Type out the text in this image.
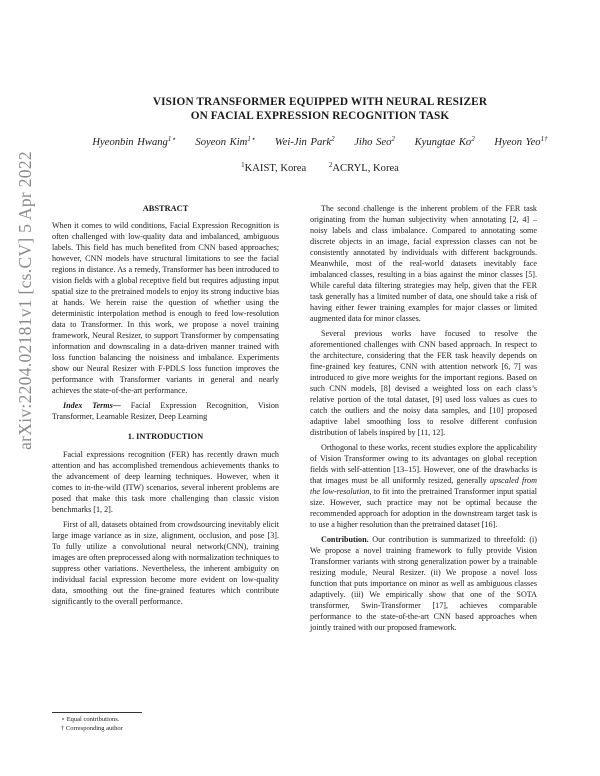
arXiv:2204.02181v1 [cs.CV] 5 Apr 2022
VISION TRANSFORMER EQUIPPED WITH NEURAL RESIZER
ON FACIAL EXPRESSION RECOGNITION TASK
Hyeonbin Hwang$^{1⋆}$ Soyeon Kim$^{1⋆}$ Wei-Jin Park$^2$ Jiho Seo$^2$ Kyungtae Ko$^2$ Hyeon Yeo$^{1\dagger}$
$^1$KAIST, Korea	$^2$ACRYL, Korea
ABSTRACT

When it comes to wild conditions, Facial Expression Recognition is often challenged with low-quality data and imbalanced, ambiguous labels. This field has much benefited from CNN based approaches; however, CNN models have structural limitations to see the facial regions in distance. As a remedy, Transformer has been introduced to vision fields with a global receptive field but requires adjusting input spatial size to the pretrained models to enjoy its strong inductive bias at hands. We herein raise the question of whether using the deterministic interpolation method is enough to feed low-resolution data to Transformer. In this work, we propose a novel training framework, Neural Resizer, to support Transformer by compensating information and downscaling in a data-driven manner trained with loss function balancing the noisiness and imbalance. Experiments show our Neural Resizer with F-PDLS loss function improves the performance with Transformer variants in general and nearly achieves the state-of-the-art performance.

Index Terms— Facial Expression Recognition, Vision Transformer, Learnable Resizer, Deep Learning

1. INTRODUCTION

Facial expressions recognition (FER) has recently drawn much attention and has accomplished tremendous achievements thanks to the advancement of deep learning techniques. However, when it comes to in-the-wild (ITW) scenarios, several inherent problems are posed that make this task more challenging than classic vision benchmarks [1, 2].

First of all, datasets obtained from crowdsourcing inevitably elicit large image variance as in size, alignment, occlusion, and pose [3]. To fully utilize a convolutional neural network(CNN), training images are often preprocessed along with normalization techniques to suppress other variations. Nevertheless, the inherent ambiguity on individual facial expression become more evident on low-quality data, smoothing out the fine-grained features which contribute significantly to the overall performance.

⋆ Equal contributions.
† Corresponding author

The second challenge is the inherent problem of the FER task originating from the human subjectivity when annotating [2, 4] – noisy labels and class imbalance. Compared to annotating some discrete objects in an image, facial expression classes can not be consistently annotated by individuals with different backgrounds. Meanwhile, most of the real-world datasets inevitably face imbalanced classes, resulting in a bias against the minor classes [5]. While careful data filtering strategies may help, given that the FER task generally has a limited number of data, one should take a risk of having either fewer training examples for major classes or limited augmented data for minor classes.

Several previous works have focused to resolve the aforementioned challenges with CNN based approach. In respect to the architecture, considering that the FER task heavily depends on fine-grained key features, CNN with attention network [6, 7] was introduced to give more weights for the important regions. Based on such CNN models, [8] devised a weighted loss on each class’s relative portion of the total dataset, [9] used loss values as cues to catch the outliers and the noisy data samples, and [10] proposed adaptive label smoothing loss to resolve different confusion distribution of labels inspired by [11, 12].

Orthogonal to these works, recent studies explore the applicability of Vision Transformer owing to its advantages on global reception fields with self-attention [13–15]. However, one of the drawbacks is that images must be all uniformly resized, generally upscaled from the low-resolution, to fit into the pretrained Transformer input spatial size. However, such practice may not be optimal because the recommended approach for adoption in the downstream target task is to use a higher resolution than the pretrained dataset [16].

Contribution. Our contribution is summarized to threefold: (i) We propose a novel training framework to fully provide Vision Transformer variants with strong generalization power by a trainable resizing module, Neural Resizer. (ii) We propose a novel loss function that puts importance on minor as well as ambiguous classes adaptively. (iii) We empirically show that one of the SOTA transformer, Swin-Transformer [17], achieves comparable performance to the state-of-the-art CNN based approaches when jointly trained with our proposed framework.
